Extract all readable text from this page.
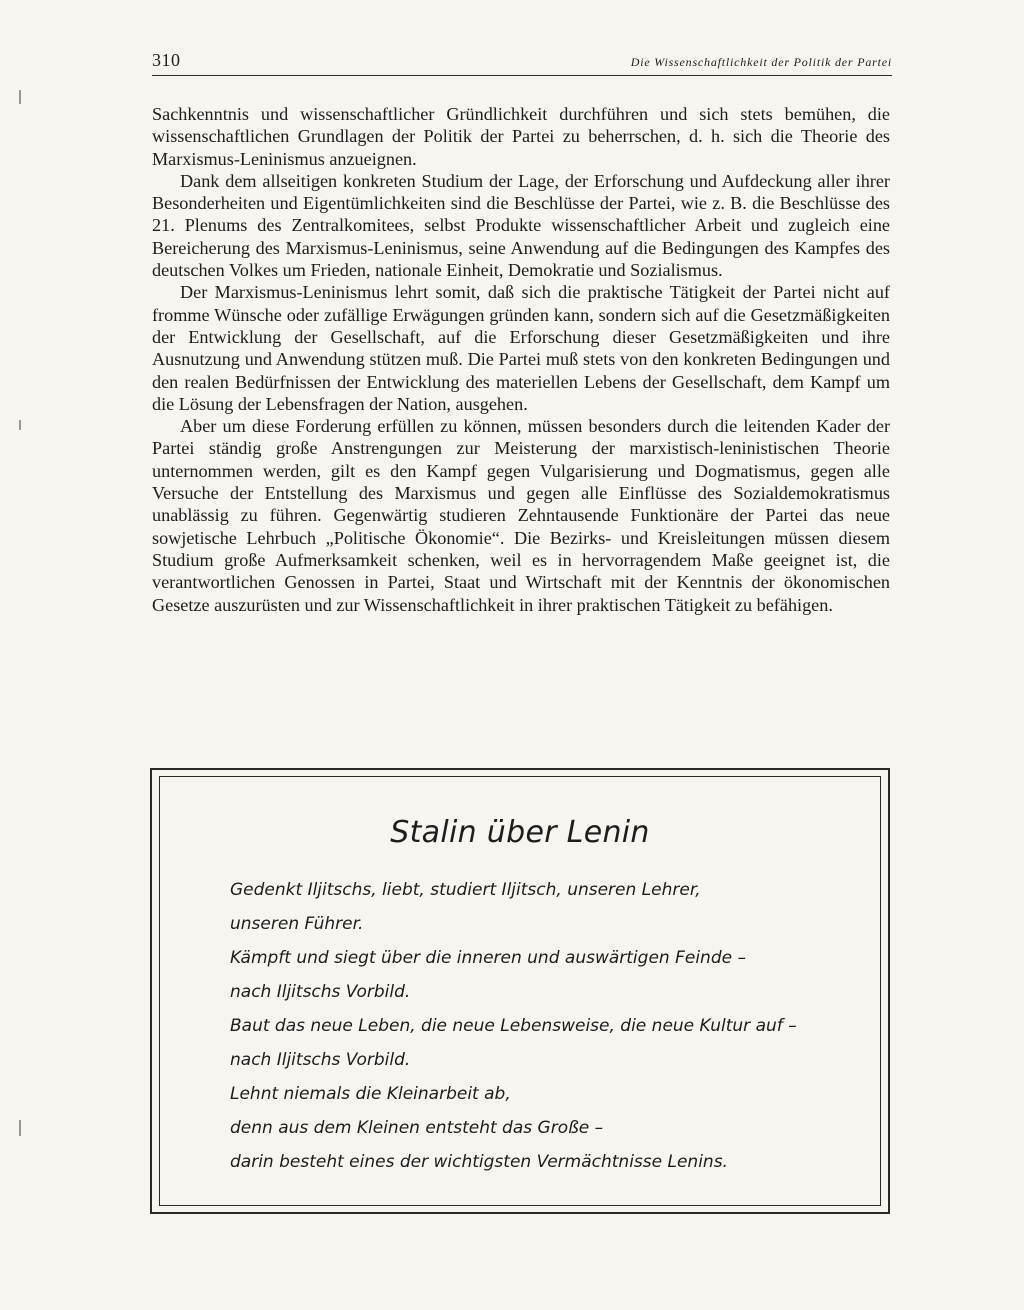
310	Die Wissenschaftlichkeit der Politik der Partei

Sachkenntnis und wissenschaftlicher Gründlichkeit durchführen und sich stets bemühen, die wissenschaftlichen Grundlagen der Politik der Partei zu beherrschen, d. h. sich die Theorie des Marxismus-Leninismus anzueignen.

Dank dem allseitigen konkreten Studium der Lage, der Erforschung und Aufdeckung aller ihrer Besonderheiten und Eigentümlichkeiten sind die Beschlüsse der Partei, wie z. B. die Beschlüsse des 21. Plenums des Zentralkomitees, selbst Produkte wissenschaftlicher Arbeit und zugleich eine Bereicherung des Marxismus-Leninismus, seine Anwendung auf die Bedingungen des Kampfes des deutschen Volkes um Frieden, nationale Einheit, Demokratie und Sozialismus.

Der Marxismus-Leninismus lehrt somit, daß sich die praktische Tätigkeit der Partei nicht auf fromme Wünsche oder zufällige Erwägungen gründen kann, sondern sich auf die Gesetzmäßigkeiten der Entwicklung der Gesellschaft, auf die Erforschung dieser Gesetzmäßigkeiten und ihre Ausnutzung und Anwendung stützen muß. Die Partei muß stets von den konkreten Bedingungen und den realen Bedürfnissen der Entwicklung des materiellen Lebens der Gesellschaft, dem Kampf um die Lösung der Lebensfragen der Nation, ausgehen.

Aber um diese Forderung erfüllen zu können, müssen besonders durch die leitenden Kader der Partei ständig große Anstrengungen zur Meisterung der marxistisch-leninistischen Theorie unternommen werden, gilt es den Kampf gegen Vulgarisierung und Dogmatismus, gegen alle Versuche der Entstellung des Marxismus und gegen alle Einflüsse des Sozialdemokratismus unablässig zu führen. Gegenwärtig studieren Zehntausende Funktionäre der Partei das neue sowjetische Lehrbuch „Politische Ökonomie“. Die Bezirks- und Kreisleitungen müssen diesem Studium große Aufmerksamkeit schenken, weil es in hervorragendem Maße geeignet ist, die verantwortlichen Genossen in Partei, Staat und Wirtschaft mit der Kenntnis der ökonomischen Gesetze auszurüsten und zur Wissenschaftlichkeit in ihrer praktischen Tätigkeit zu befähigen.

Stalin über Lenin
Gedenkt Iljitschs, liebt, studiert Iljitsch, unseren Lehrer,
unseren Führer.
Kämpft und siegt über die inneren und auswärtigen Feinde –
nach Iljitschs Vorbild.
Baut das neue Leben, die neue Lebensweise, die neue Kultur auf –
nach Iljitschs Vorbild.
Lehnt niemals die Kleinarbeit ab,
denn aus dem Kleinen entsteht das Große –
darin besteht eines der wichtigsten Vermächtnisse Lenins.
